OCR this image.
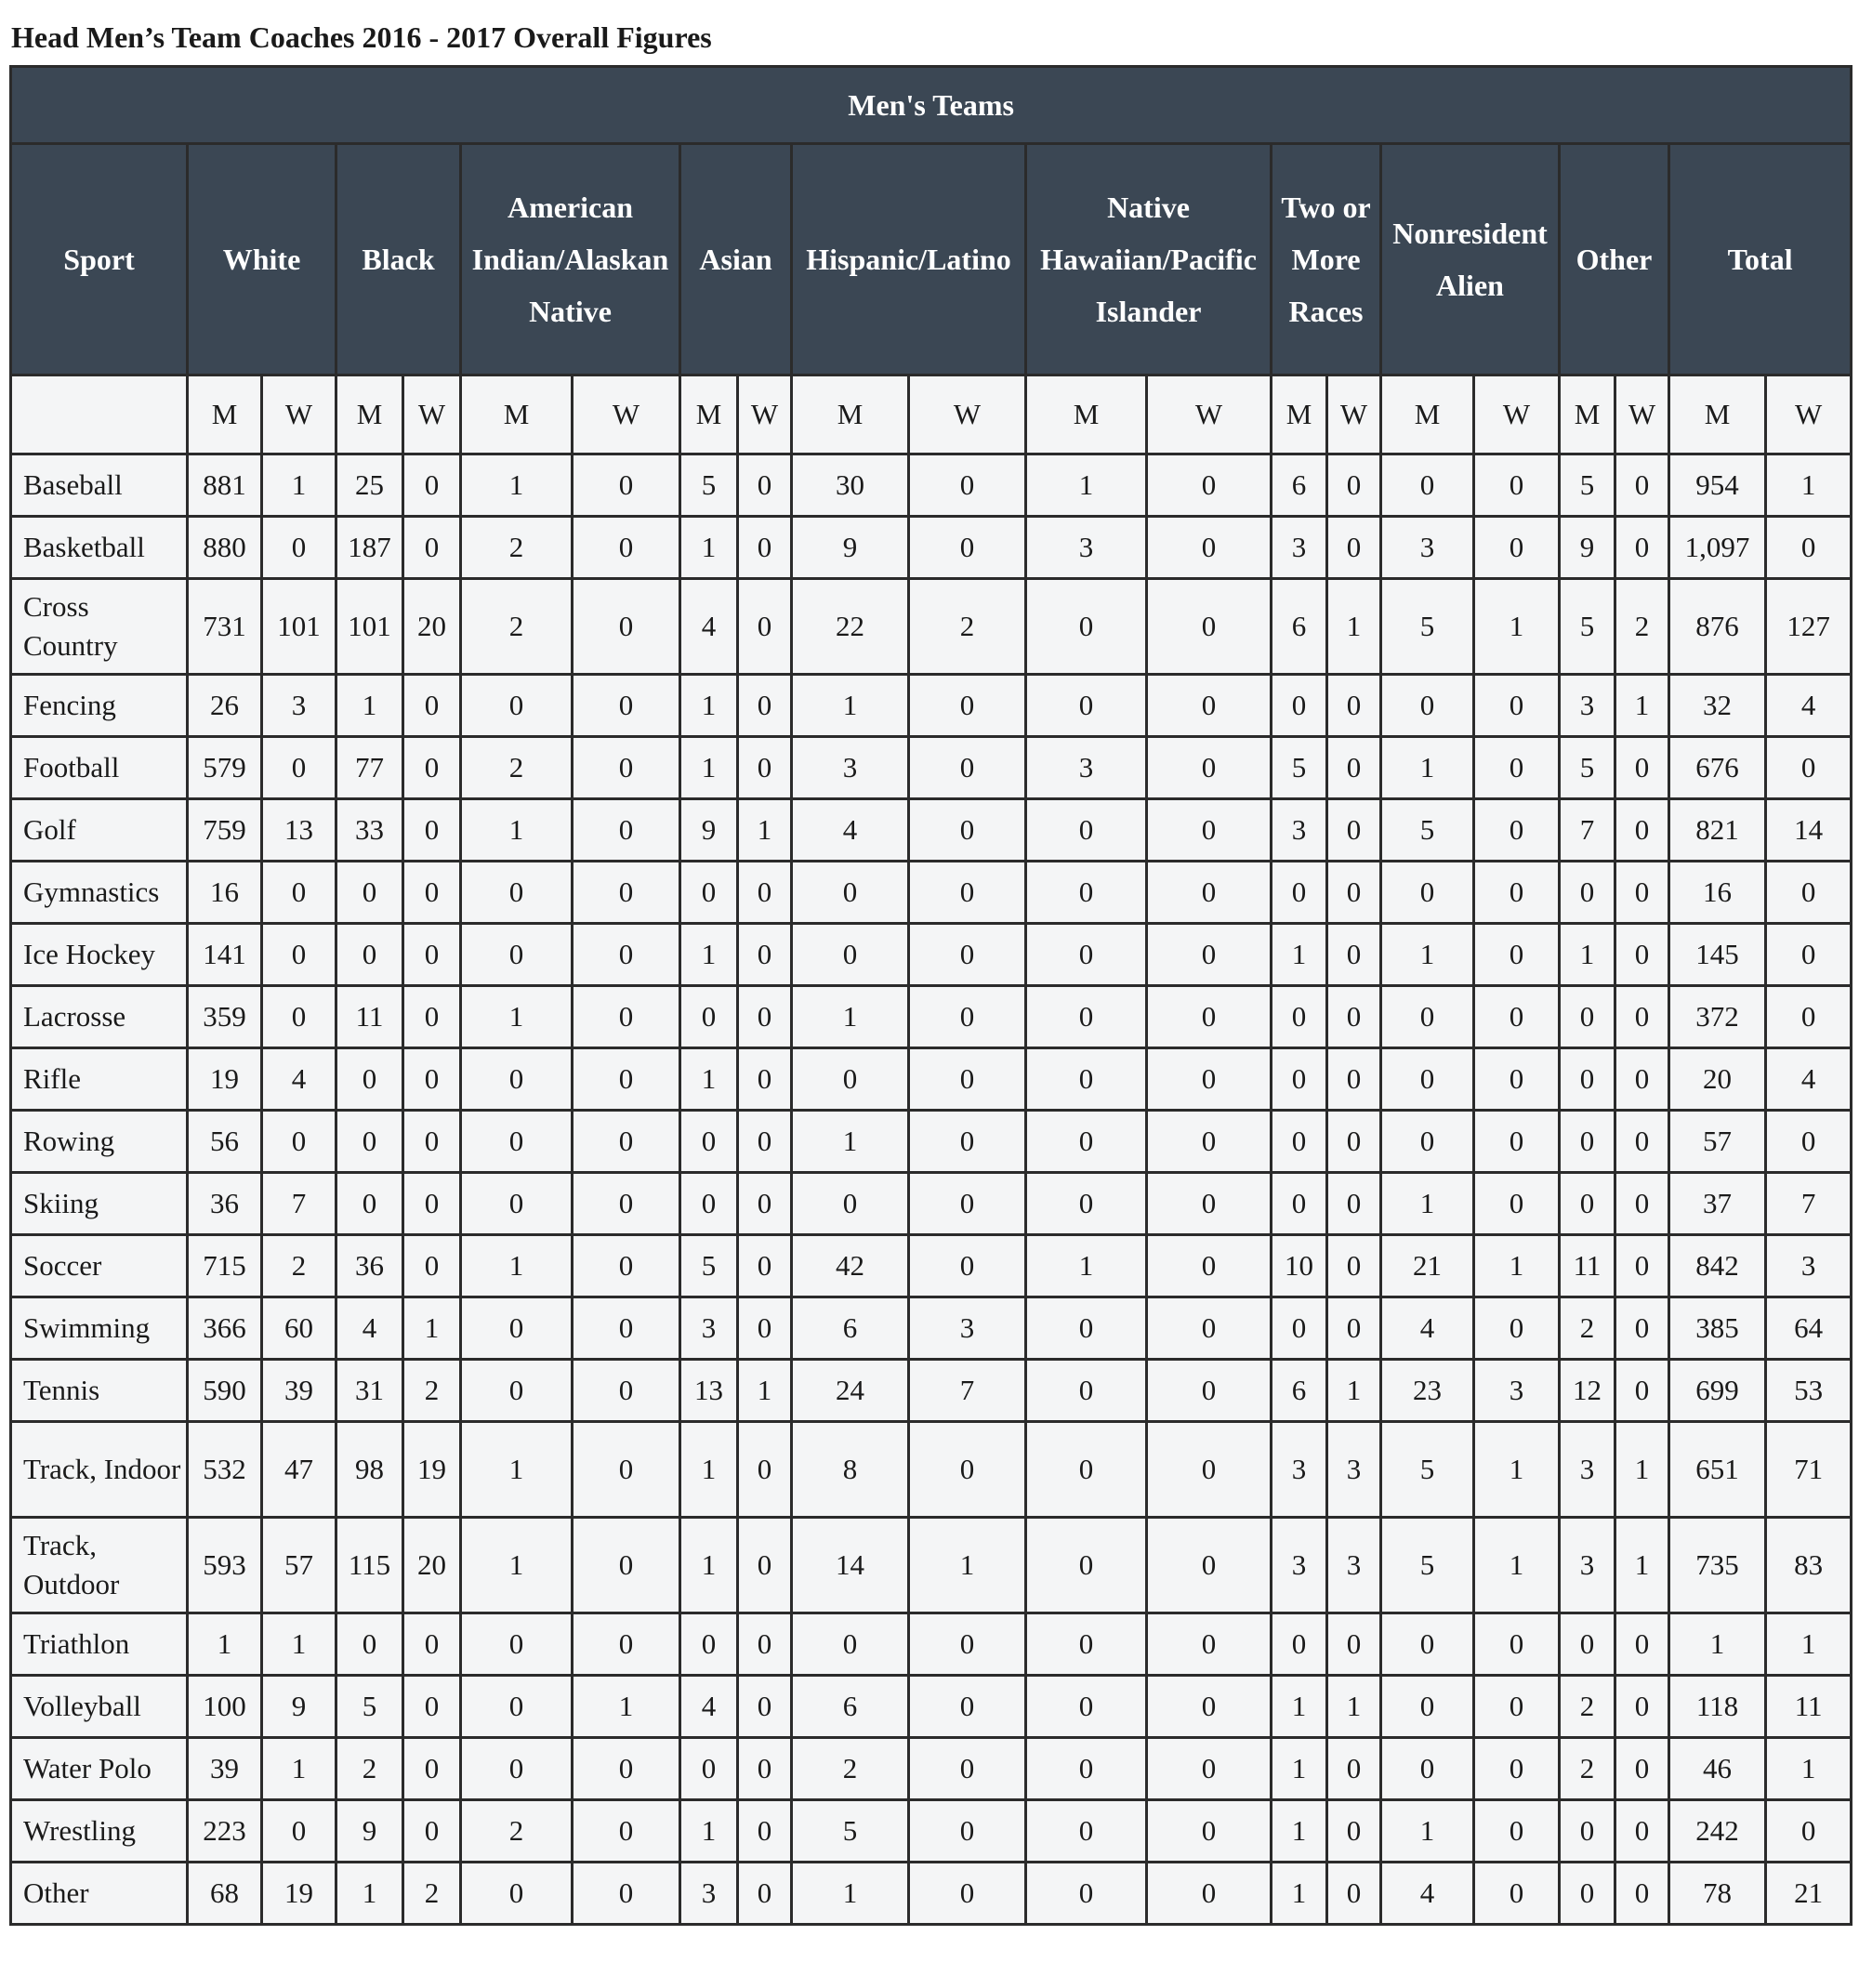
Head Men’s Team Coaches 2016 - 2017 Overall Figures
Men's Teams																				
Sport	White		Black		American Indian/Alaskan Native		Asian		Hispanic/Latino		Native Hawaiian/Pacific Islander		Two or More Races		Nonresident Alien		Other		Total	
	M	W	M	W	M	W	M	W	M	W	M	W	M	W	M	W	M	W	M	W
Baseball	881	1	25	0	1	0	5	0	30	0	1	0	6	0	0	0	5	0	954	1
Basketball	880	0	187	0	2	0	1	0	9	0	3	0	3	0	3	0	9	0	1,097	0
Cross Country	731	101	101	20	2	0	4	0	22	2	0	0	6	1	5	1	5	2	876	127
Fencing	26	3	1	0	0	0	1	0	1	0	0	0	0	0	0	0	3	1	32	4
Football	579	0	77	0	2	0	1	0	3	0	3	0	5	0	1	0	5	0	676	0
Golf	759	13	33	0	1	0	9	1	4	0	0	0	3	0	5	0	7	0	821	14
Gymnastics	16	0	0	0	0	0	0	0	0	0	0	0	0	0	0	0	0	0	16	0
Ice Hockey	141	0	0	0	0	0	1	0	0	0	0	0	1	0	1	0	1	0	145	0
Lacrosse	359	0	11	0	1	0	0	0	1	0	0	0	0	0	0	0	0	0	372	0
Rifle	19	4	0	0	0	0	1	0	0	0	0	0	0	0	0	0	0	0	20	4
Rowing	56	0	0	0	0	0	0	0	1	0	0	0	0	0	0	0	0	0	57	0
Skiing	36	7	0	0	0	0	0	0	0	0	0	0	0	0	1	0	0	0	37	7
Soccer	715	2	36	0	1	0	5	0	42	0	1	0	10	0	21	1	11	0	842	3
Swimming	366	60	4	1	0	0	3	0	6	3	0	0	0	0	4	0	2	0	385	64
Tennis	590	39	31	2	0	0	13	1	24	7	0	0	6	1	23	3	12	0	699	53
Track, Indoor	532	47	98	19	1	0	1	0	8	0	0	0	3	3	5	1	3	1	651	71
Track, Outdoor	593	57	115	20	1	0	1	0	14	1	0	0	3	3	5	1	3	1	735	83
Triathlon	1	1	0	0	0	0	0	0	0	0	0	0	0	0	0	0	0	0	1	1
Volleyball	100	9	5	0	0	1	4	0	6	0	0	0	1	1	0	0	2	0	118	11
Water Polo	39	1	2	0	0	0	0	0	2	0	0	0	1	0	0	0	2	0	46	1
Wrestling	223	0	9	0	2	0	1	0	5	0	0	0	1	0	1	0	0	0	242	0
Other	68	19	1	2	0	0	3	0	1	0	0	0	1	0	4	0	0	0	78	21
